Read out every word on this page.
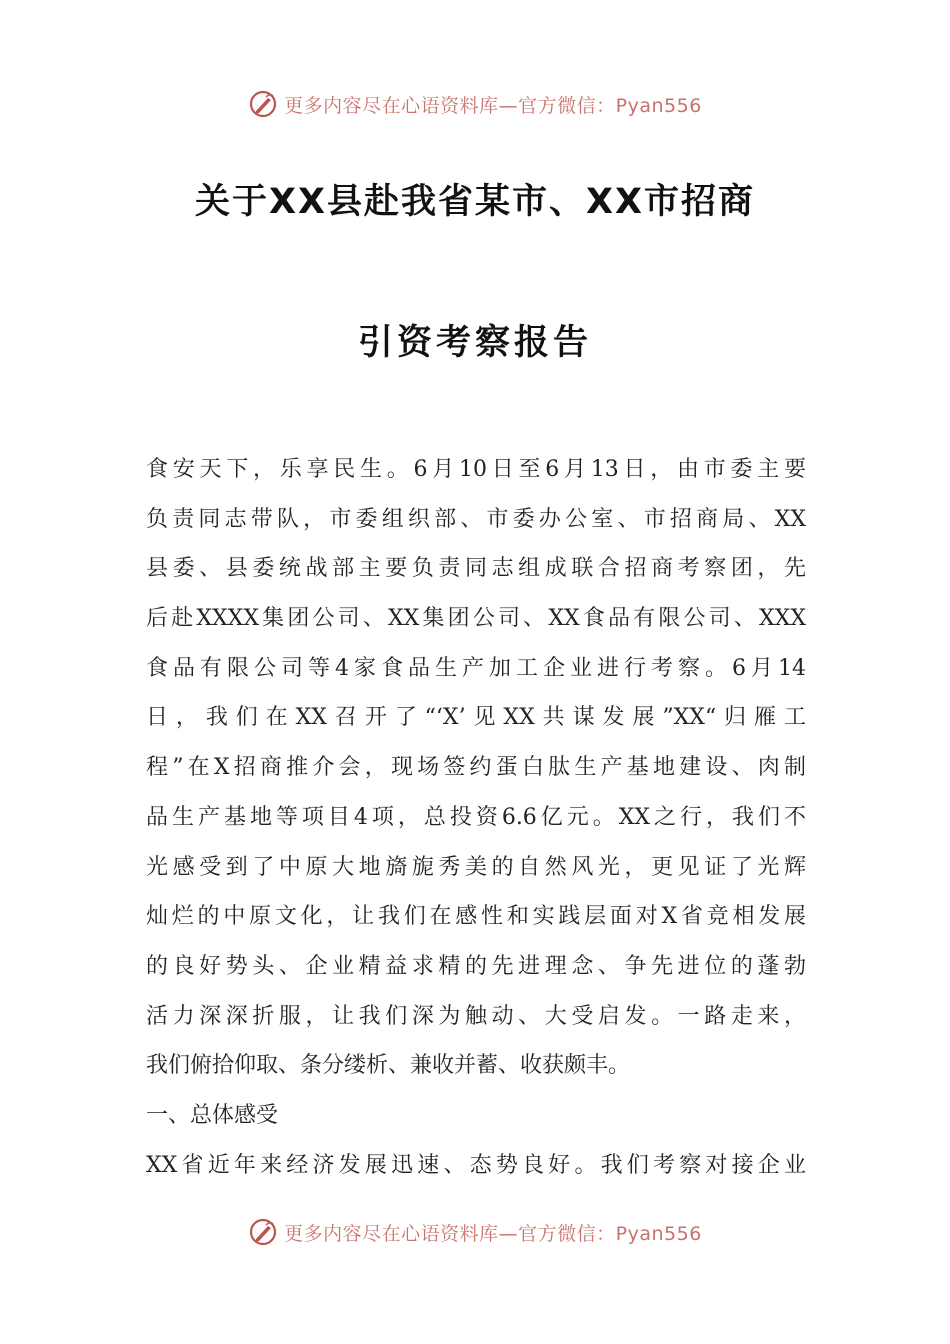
更多内容尽在心语资料库—官方微信：Pyan556
关于XX县赴我省某市、XX市招商
引资考察报告
食安天下，乐享民生。6月10日至6月13日，由市委主要
负责同志带队，市委组织部、市委办公室、市招商局、XX
县委、县委统战部主要负责同志组成联合招商考察团，先
后赴XXXX集团公司、XX集团公司、XX食品有限公司、XXX
食品有限公司等4家食品生产加工企业进行考察。6月14
日，我们在XX召开了“‘X’见XX共谋发展”XX“归雁工
程”在X招商推介会，现场签约蛋白肽生产基地建设、肉制
品生产基地等项目4项，总投资6.6亿元。XX之行，我们不
光感受到了中原大地旖旎秀美的自然风光，更见证了光辉
灿烂的中原文化，让我们在感性和实践层面对X省竞相发展
的良好势头、企业精益求精的先进理念、争先进位的蓬勃
活力深深折服，让我们深为触动、大受启发。一路走来，
我们俯拾仰取、条分缕析、兼收并蓄、收获颇丰。
一、总体感受
XX省近年来经济发展迅速、态势良好。我们考察对接企业
更多内容尽在心语资料库—官方微信：Pyan556
